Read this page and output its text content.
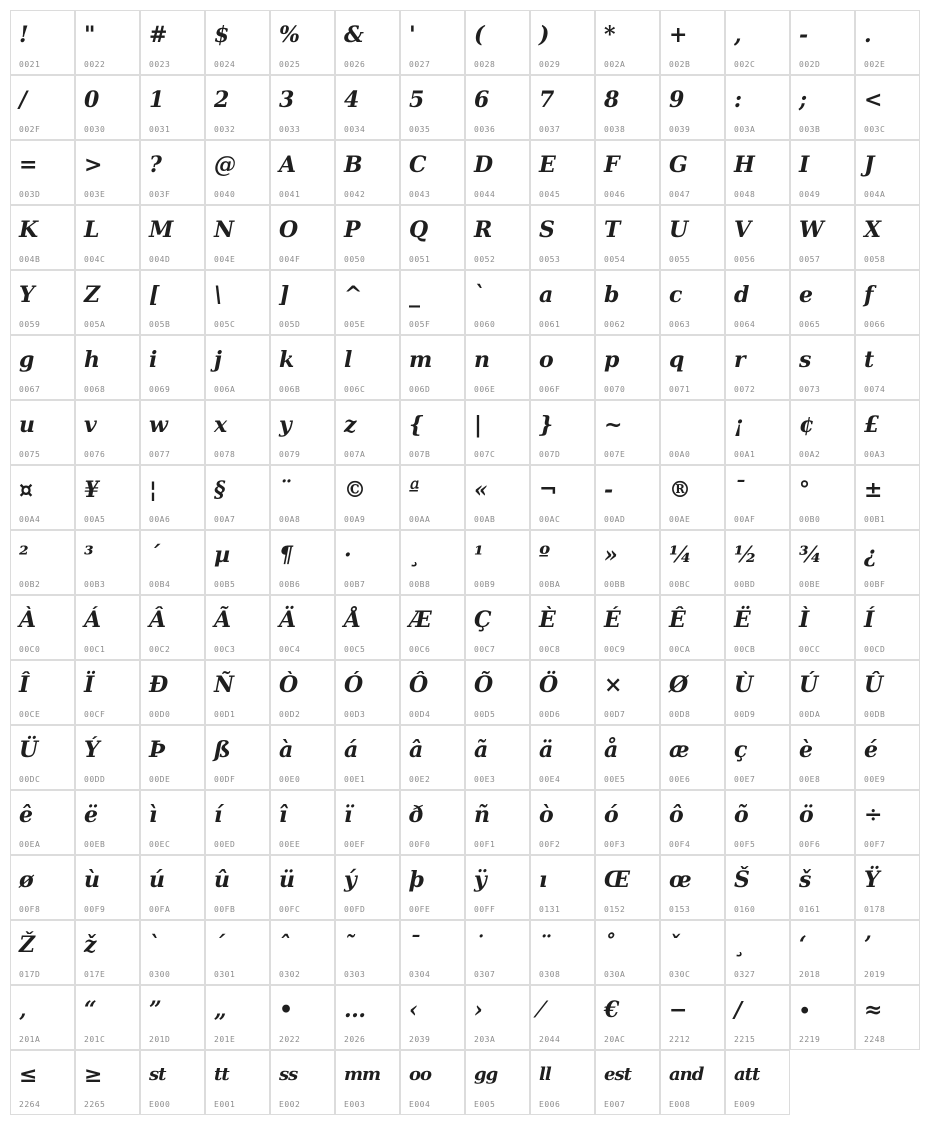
!
0021
"
0022
#
0023
$
0024
%
0025
&
0026
'
0027
(
0028
)
0029
*
002A
+
002B
,
002C
-
002D
.
002E
/
002F
0
0030
1
0031
2
0032
3
0033
4
0034
5
0035
6
0036
7
0037
8
0038
9
0039
:
003A
;
003B
<
003C
=
003D
>
003E
?
003F
@
0040
A
0041
B
0042
C
0043
D
0044
E
0045
F
0046
G
0047
H
0048
I
0049
J
004A
K
004B
L
004C
M
004D
N
004E
O
004F
P
0050
Q
0051
R
0052
S
0053
T
0054
U
0055
V
0056
W
0057
X
0058
Y
0059
Z
005A
[
005B
\
005C
]
005D
^
005E
_
005F
`
0060
a
0061
b
0062
c
0063
d
0064
e
0065
f
0066
g
0067
h
0068
i
0069
j
006A
k
006B
l
006C
m
006D
n
006E
o
006F
p
0070
q
0071
r
0072
s
0073
t
0074
u
0075
v
0076
w
0077
x
0078
y
0079
z
007A
{
007B
|
007C
}
007D
~
007E	00A0
¡
00A1
¢
00A2
£
00A3
¤
00A4
¥
00A5
¦
00A6
§
00A7
¨
00A8
©
00A9
ª
00AA
«
00AB
¬
00AC
-
00AD
®
00AE
¯
00AF
°
00B0
±
00B1
²
00B2
³
00B3
´
00B4
µ
00B5
¶
00B6
·
00B7
¸
00B8
¹
00B9
º
00BA
»
00BB
¼
00BC
½
00BD
¾
00BE
¿
00BF
À
00C0
Á
00C1
Â
00C2
Ã
00C3
Ä
00C4
Å
00C5
Æ
00C6
Ç
00C7
È
00C8
É
00C9
Ê
00CA
Ë
00CB
Ì
00CC
Í
00CD
Î
00CE
Ï
00CF
Ð
00D0
Ñ
00D1
Ò
00D2
Ó
00D3
Ô
00D4
Õ
00D5
Ö
00D6
×
00D7
Ø
00D8
Ù
00D9
Ú
00DA
Û
00DB
Ü
00DC
Ý
00DD
Þ
00DE
ß
00DF
à
00E0
á
00E1
â
00E2
ã
00E3
ä
00E4
å
00E5
æ
00E6
ç
00E7
è
00E8
é
00E9
ê
00EA
ë
00EB
ì
00EC
í
00ED
î
00EE
ï
00EF
ð
00F0
ñ
00F1
ò
00F2
ó
00F3
ô
00F4
õ
00F5
ö
00F6
÷
00F7
ø
00F8
ù
00F9
ú
00FA
û
00FB
ü
00FC
ý
00FD
þ
00FE
ÿ
00FF
ı
0131
Œ
0152
œ
0153
Š
0160
š
0161
Ÿ
0178
Ž
017D
ž
017E
`
0300
´
0301
ˆ
0302
˜
0303
¯
0304
˙
0307
¨
0308
˚
030A
ˇ
030C
¸
0327
‘
2018
’
2019
‚
201A
“
201C
”
201D
„
201E
•
2022
…
2026
‹
2039
›
203A
⁄
2044
€
20AC
−
2212
∕
2215
∙
2219
≈
2248
≤
2264
≥
2265
st
E000
tt
E001
ss
E002
mm
E003
oo
E004
gg
E005
ll
E006
est
E007
and
E008
att
E009
